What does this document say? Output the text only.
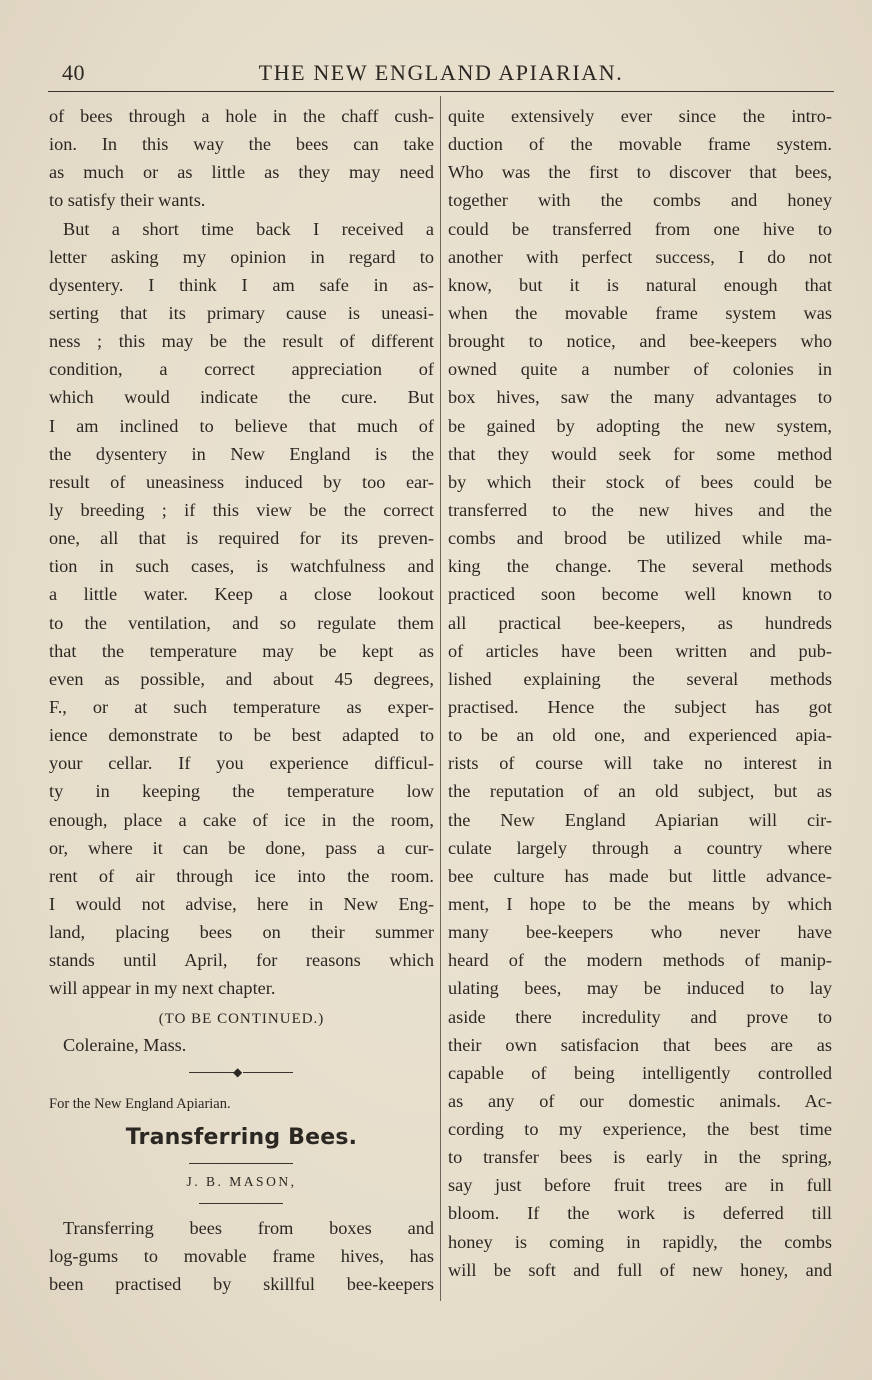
40	THE NEW ENGLAND APIARIAN.
of bees through a hole in the chaff cush-
ion. In this way the bees can take
as much or as little as they may need
to satisfy their wants.
But a short time back I received a
letter asking my opinion in regard to
dysentery. I think I am safe in as-
serting that its primary cause is uneasi-
ness ; this may be the result of different
condition, a correct appreciation of
which would indicate the cure. But
I am inclined to believe that much of
the dysentery in New England is the
result of uneasiness induced by too ear-
ly breeding ; if this view be the correct
one, all that is required for its preven-
tion in such cases, is watchfulness and
a little water. Keep a close lookout
to the ventilation, and so regulate them
that the temperature may be kept as
even as possible, and about 45 degrees,
F., or at such temperature as exper-
ience demonstrate to be best adapted to
your cellar. If you experience difficul-
ty in keeping the temperature low
enough, place a cake of ice in the room,
or, where it can be done, pass a cur-
rent of air through ice into the room.
I would not advise, here in New Eng-
land, placing bees on their summer
stands until April, for reasons which
will appear in my next chapter.
(TO BE CONTINUED.)
Coleraine, Mass.
◆
For the New England Apiarian.
Transferring Bees.
J. B. MASON,
Transferring bees from boxes and
log-gums to movable frame hives, has
been practised by skillful bee-keepers
quite extensively ever since the intro-
duction of the movable frame system.
Who was the first to discover that bees,
together with the combs and honey
could be transferred from one hive to
another with perfect success, I do not
know, but it is natural enough that
when the movable frame system was
brought to notice, and bee-keepers who
owned quite a number of colonies in
box hives, saw the many advantages to
be gained by adopting the new system,
that they would seek for some method
by which their stock of bees could be
transferred to the new hives and the
combs and brood be utilized while ma-
king the change. The several methods
practiced soon become well known to
all practical bee-keepers, as hundreds
of articles have been written and pub-
lished explaining the several methods
practised. Hence the subject has got
to be an old one, and experienced apia-
rists of course will take no interest in
the reputation of an old subject, but as
the New England Apiarian will cir-
culate largely through a country where
bee culture has made but little advance-
ment, I hope to be the means by which
many bee-keepers who never have
heard of the modern methods of manip-
ulating bees, may be induced to lay
aside there incredulity and prove to
their own satisfacion that bees are as
capable of being intelligently controlled
as any of our domestic animals. Ac-
cording to my experience, the best time
to transfer bees is early in the spring,
say just before fruit trees are in full
bloom. If the work is deferred till
honey is coming in rapidly, the combs
will be soft and full of new honey, and
